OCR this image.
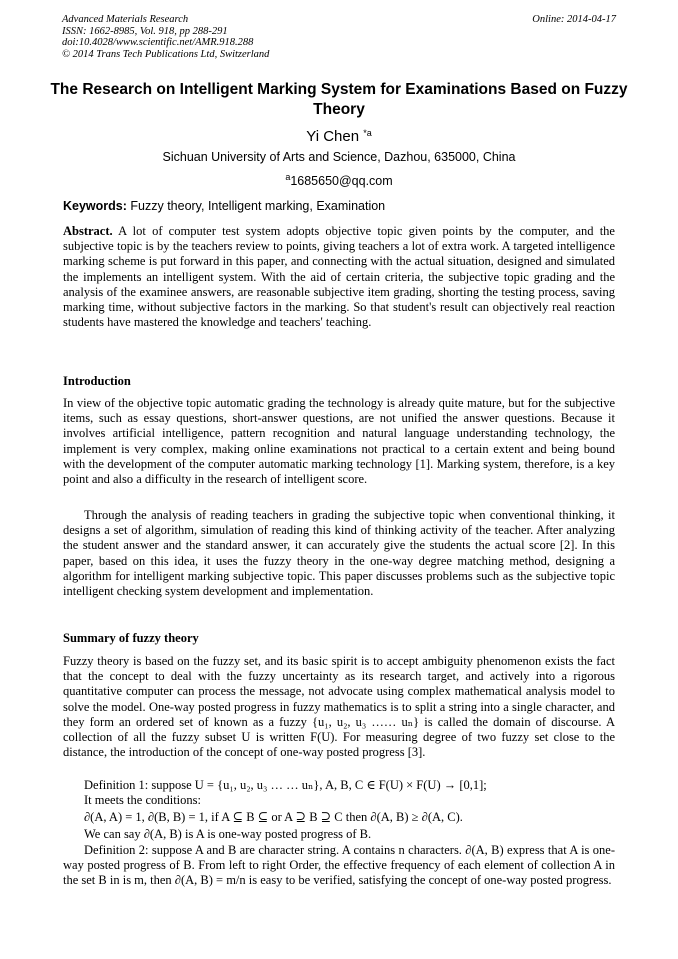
Advanced Materials Research
ISSN: 1662-8985, Vol. 918, pp 288-291
doi:10.4028/www.scientific.net/AMR.918.288
© 2014 Trans Tech Publications Ltd, Switzerland
Online: 2014-04-17
The Research on Intelligent Marking System for Examinations Based on Fuzzy Theory
Yi Chen $^{*a}$
Sichuan University of Arts and Science, Dazhou, 635000, China
$^a$1685650@qq.com
Keywords: Fuzzy theory, Intelligent marking, Examination
Abstract. A lot of computer test system adopts objective topic given points by the computer, and the subjective topic is by the teachers review to points, giving teachers a lot of extra work. A targeted intelligence marking scheme is put forward in this paper, and connecting with the actual situation, designed and simulated the implements an intelligent system. With the aid of certain criteria, the subjective topic grading and the analysis of the examinee answers, are reasonable subjective item grading, shorting the testing process, saving marking time, without subjective factors in the marking. So that student's result can objectively real reaction students have mastered the knowledge and teachers' teaching.
Introduction
In view of the objective topic automatic grading the technology is already quite mature, but for the subjective items, such as essay questions, short-answer questions, are not unified the answer questions. Because it involves artificial intelligence, pattern recognition and natural language understanding technology, the implement is very complex, making online examinations not practical to a certain extent and being bound with the development of the computer automatic marking technology [1]. Marking system, therefore, is a key point and also a difficulty in the research of intelligent score.
Through the analysis of reading teachers in grading the subjective topic when conventional thinking, it designs a set of algorithm, simulation of reading this kind of thinking activity of the teacher. After analyzing the student answer and the standard answer, it can accurately give the students the actual score [2]. In this paper, based on this idea, it uses the fuzzy theory in the one-way degree matching method, designing a algorithm for intelligent marking subjective topic. This paper discusses problems such as the subjective topic intelligent checking system development and implementation.
Summary of fuzzy theory
Fuzzy theory is based on the fuzzy set, and its basic spirit is to accept ambiguity phenomenon exists the fact that the concept to deal with the fuzzy uncertainty as its research target, and actively into a rigorous quantitative computer can process the message, not advocate using complex mathematical analysis model to solve the model. One-way posted progress in fuzzy mathematics is to split a string into a single character, and they form an ordered set of known as a fuzzy {u₁, u₂, u₃ …… uₙ} is called the domain of discourse. A collection of all the fuzzy subset U is written F(U). For measuring degree of two fuzzy set close to the distance, the introduction of the concept of one-way posted progress [3].
Definition 1: suppose U = {u₁, u₂, u₃ … … uₙ}, A, B, C ∈ F(U) × F(U) → [0,1];
It meets the conditions:
∂(A, A) = 1, ∂(B, B) = 1, if A ⊆ B ⊆ or A ⊇ B ⊇ C then ∂(A, B) ≥ ∂(A, C).
We can say ∂(A, B) is A is one-way posted progress of B.
Definition 2: suppose A and B are character string. A contains n characters. ∂(A, B) express that A is one-way posted progress of B. From left to right Order, the effective frequency of each element of collection A in the set B in is m, then ∂(A, B) = m/n is easy to be verified, satisfying the concept of one-way posted progress.
